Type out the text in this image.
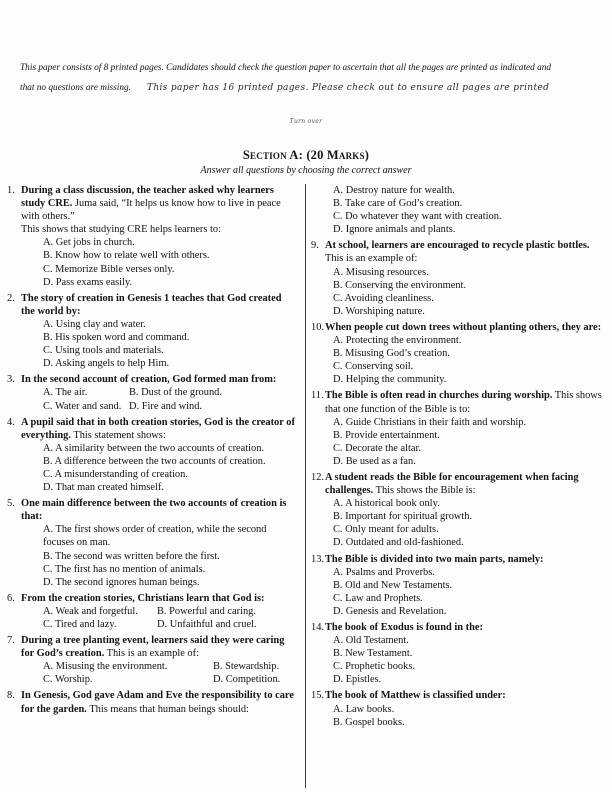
This paper consists of 8 printed pages. Candidates should check the question paper to ascertain that all the pages are printed as indicated and
that no questions are missing. This paper has 16 printed pages. Please check out to ensure all pages are printed
Turn over
Section A: (20 Marks)
Answer all questions by choosing the correct answer
1. During a class discussion, the teacher asked why learners study CRE. Juma said, “It helps us know how to live in peace with others.”
This shows that studying CRE helps learners to:
A. Get jobs in church.
B. Know how to relate well with others.
C. Memorize Bible verses only.
D. Pass exams easily.
2. The story of creation in Genesis 1 teaches that God created the world by:
A. Using clay and water.
B. His spoken word and command.
C. Using tools and materials.
D. Asking angels to help Him.
3. In the second account of creation, God formed man from:
A. The air.	B. Dust of the ground.
C. Water and sand. D. Fire and wind.
4. A pupil said that in both creation stories, God is the creator of everything. This statement shows:
A. A similarity between the two accounts of creation.
B. A difference between the two accounts of creation.
C. A misunderstanding of creation.
D. That man created himself.
5. One main difference between the two accounts of creation is that:
A. The first shows order of creation, while the second focuses on man.
B. The second was written before the first.
C. The first has no mention of animals.
D. The second ignores human beings.
6. From the creation stories, Christians learn that God is:
A. Weak and forgetful.	B. Powerful and caring.
C. Tired and lazy.	D. Unfaithful and cruel.
7. During a tree planting event, learners said they were caring for God’s creation. This is an example of:
A. Misusing the environment.	B. Stewardship.
C. Worship.	D. Competition.
8. In Genesis, God gave Adam and Eve the responsibility to care for the garden. This means that human beings should:
A. Destroy nature for wealth.
B. Take care of God’s creation.
C. Do whatever they want with creation.
D. Ignore animals and plants.
9. At school, learners are encouraged to recycle plastic bottles. This is an example of:
A. Misusing resources.
B. Conserving the environment.
C. Avoiding cleanliness.
D. Worshiping nature.
10. When people cut down trees without planting others, they are:
A. Protecting the environment.
B. Misusing God’s creation.
C. Conserving soil.
D. Helping the community.
11. The Bible is often read in churches during worship. This shows that one function of the Bible is to:
A. Guide Christians in their faith and worship.
B. Provide entertainment.
C. Decorate the altar.
D. Be used as a fan.
12. A student reads the Bible for encouragement when facing challenges. This shows the Bible is:
A. A historical book only.
B. Important for spiritual growth.
C. Only meant for adults.
D. Outdated and old-fashioned.
13. The Bible is divided into two main parts, namely:
A. Psalms and Proverbs.
B. Old and New Testaments.
C. Law and Prophets.
D. Genesis and Revelation.
14. The book of Exodus is found in the:
A. Old Testament.
B. New Testament.
C. Prophetic books.
D. Epistles.
15. The book of Matthew is classified under:
A. Law books.
B. Gospel books.
